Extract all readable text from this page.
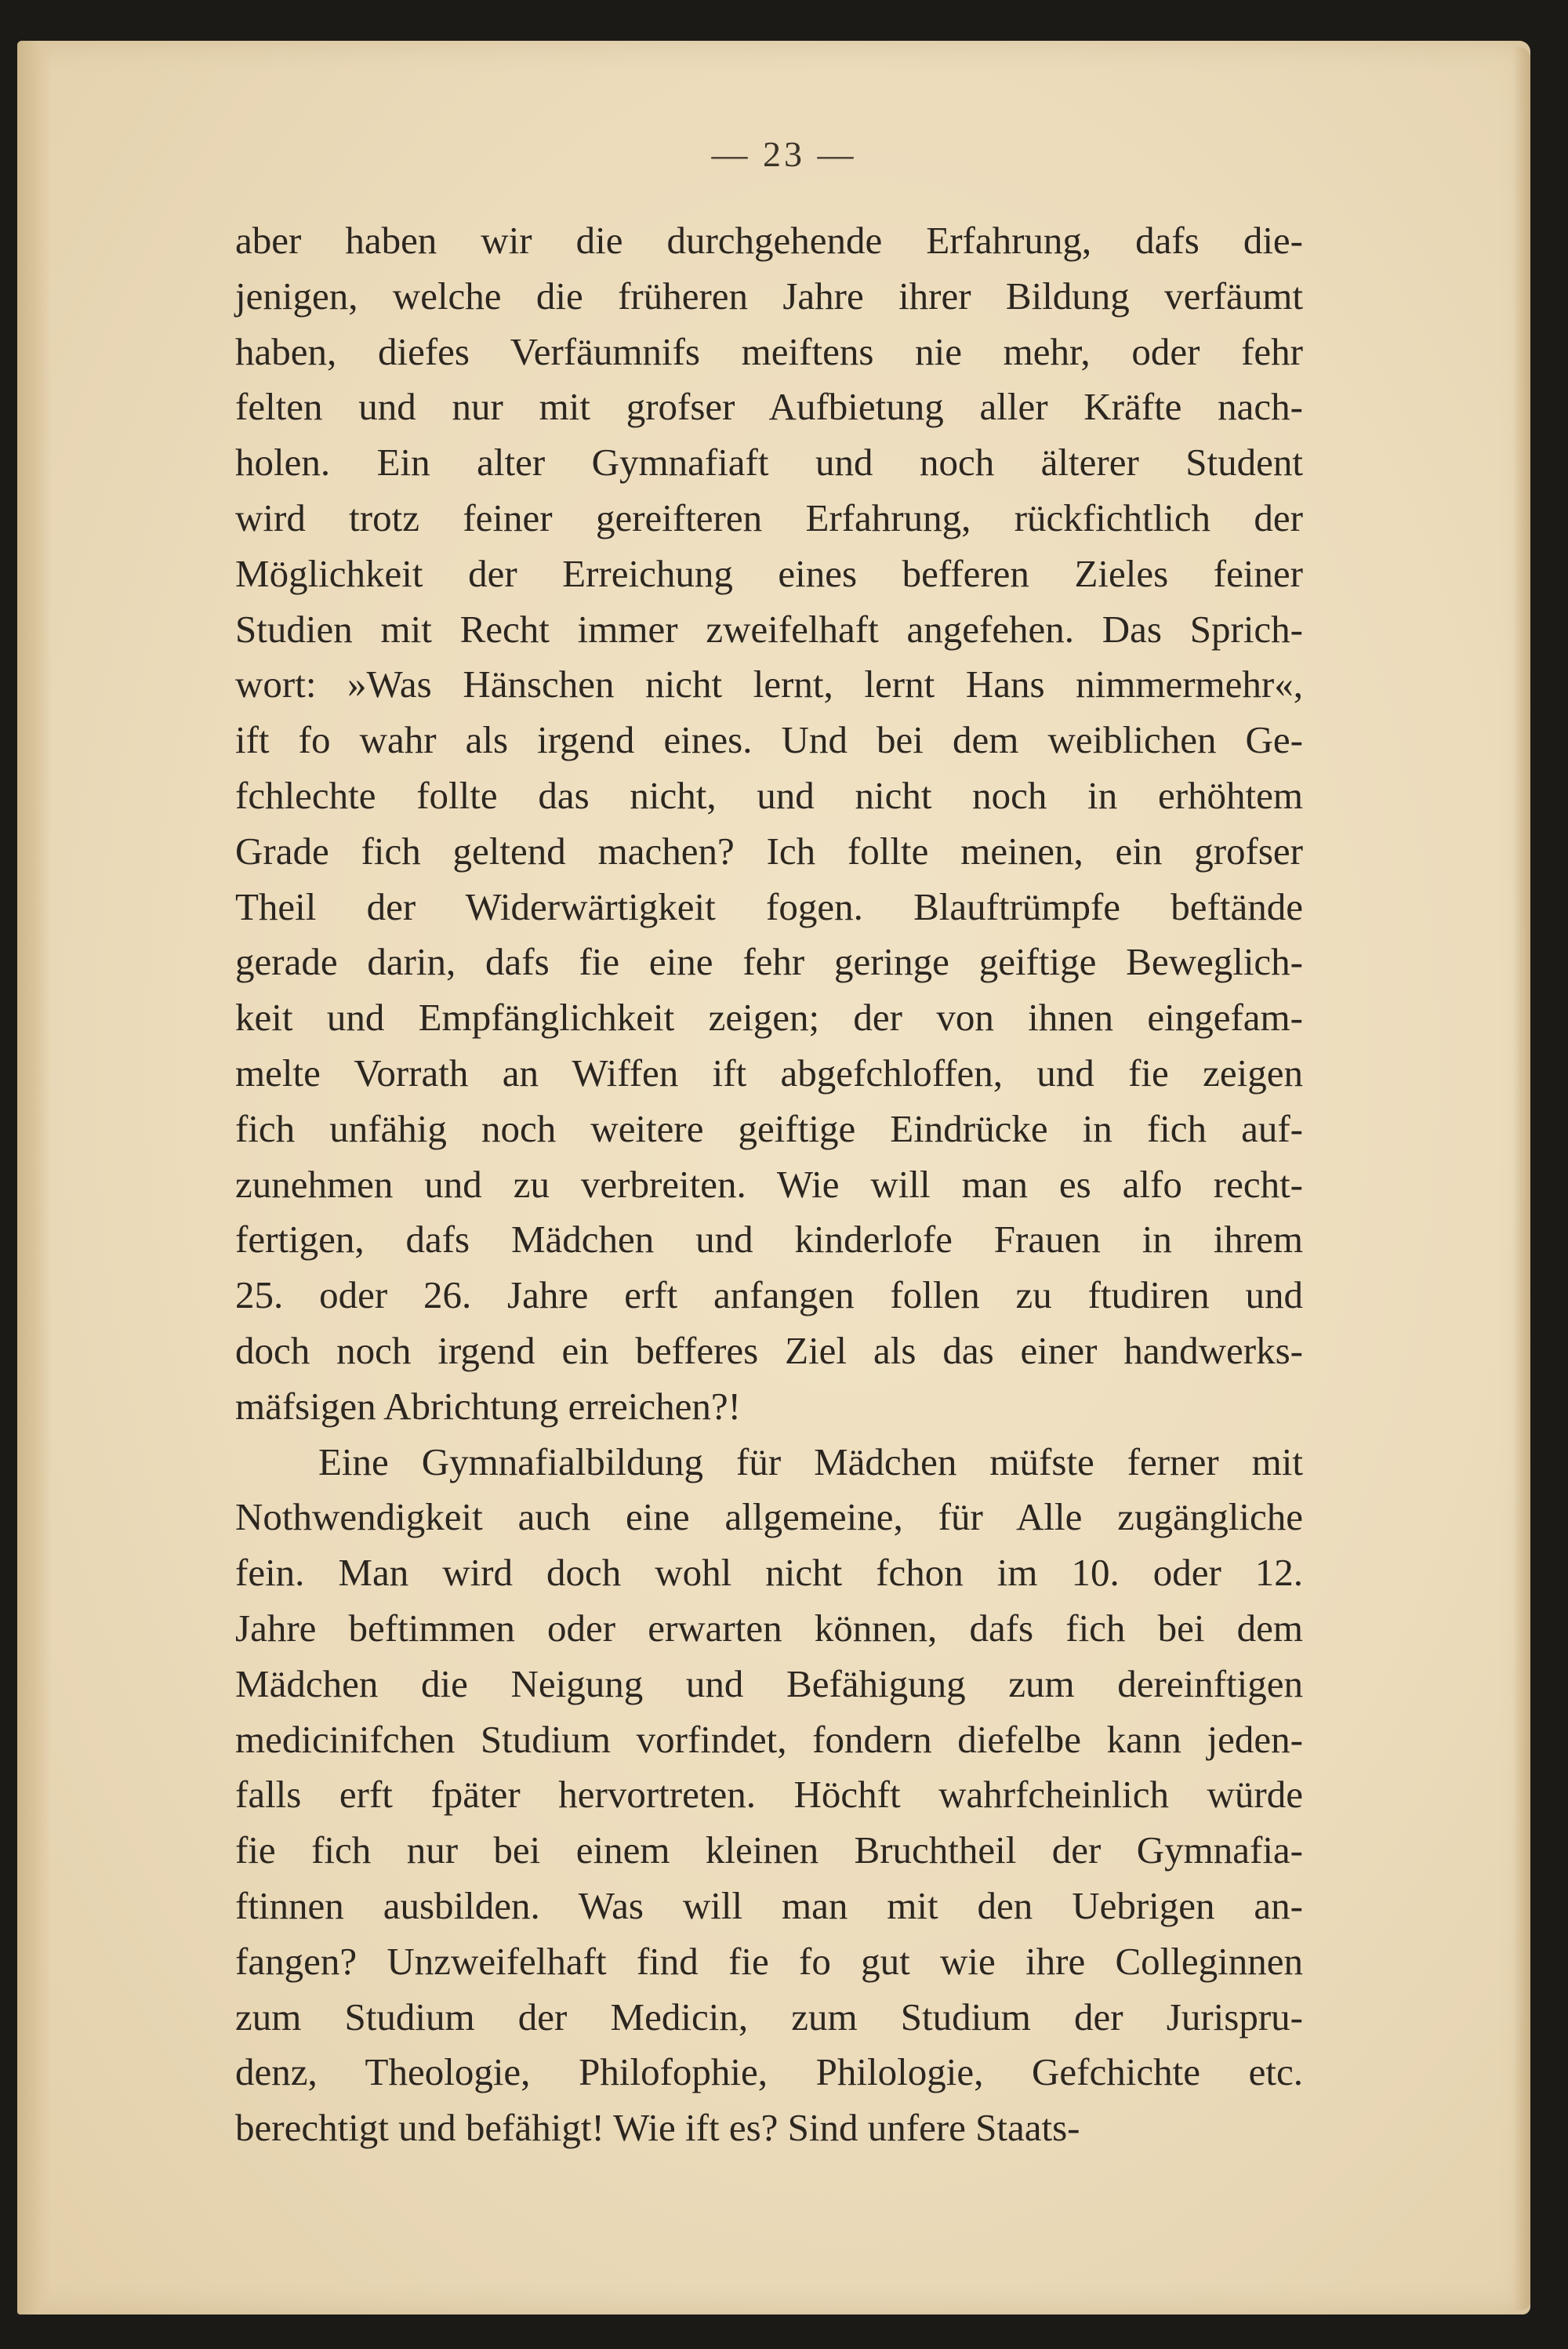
— 23 —
aber haben wir die durchgehende Erfahrung, dafs die-
jenigen, welche die früheren Jahre ihrer Bildung verfäumt
haben, diefes Verfäumnifs meiftens nie mehr, oder fehr
felten und nur mit grofser Aufbietung aller Kräfte nach-
holen. Ein alter Gymnafiaft und noch älterer Student
wird trotz feiner gereifteren Erfahrung, rückfichtlich der
Möglichkeit der Erreichung eines befferen Zieles feiner
Studien mit Recht immer zweifelhaft angefehen. Das Sprich-
wort: »Was Hänschen nicht lernt, lernt Hans nimmermehr«,
ift fo wahr als irgend eines. Und bei dem weiblichen Ge-
fchlechte follte das nicht, und nicht noch in erhöhtem
Grade fich geltend machen? Ich follte meinen, ein grofser
Theil der Widerwärtigkeit fogen. Blauftrümpfe beftände
gerade darin, dafs fie eine fehr geringe geiftige Beweglich-
keit und Empfänglichkeit zeigen; der von ihnen eingefam-
melte Vorrath an Wiffen ift abgefchloffen, und fie zeigen
fich unfähig noch weitere geiftige Eindrücke in fich auf-
zunehmen und zu verbreiten. Wie will man es alfo recht-
fertigen, dafs Mädchen und kinderlofe Frauen in ihrem
25. oder 26. Jahre erft anfangen follen zu ftudiren und
doch noch irgend ein befferes Ziel als das einer handwerks-
mäfsigen Abrichtung erreichen?!
Eine Gymnafialbildung für Mädchen müfste ferner mit
Nothwendigkeit auch eine allgemeine, für Alle zugängliche
fein. Man wird doch wohl nicht fchon im 10. oder 12.
Jahre beftimmen oder erwarten können, dafs fich bei dem
Mädchen die Neigung und Befähigung zum dereinftigen
medicinifchen Studium vorfindet, fondern diefelbe kann jeden-
falls erft fpäter hervortreten. Höchft wahrfcheinlich würde
fie fich nur bei einem kleinen Bruchtheil der Gymnafia-
ftinnen ausbilden. Was will man mit den Uebrigen an-
fangen? Unzweifelhaft find fie fo gut wie ihre Colleginnen
zum Studium der Medicin, zum Studium der Jurispru-
denz, Theologie, Philofophie, Philologie, Gefchichte etc.
berechtigt und befähigt! Wie ift es? Sind unfere Staats-
